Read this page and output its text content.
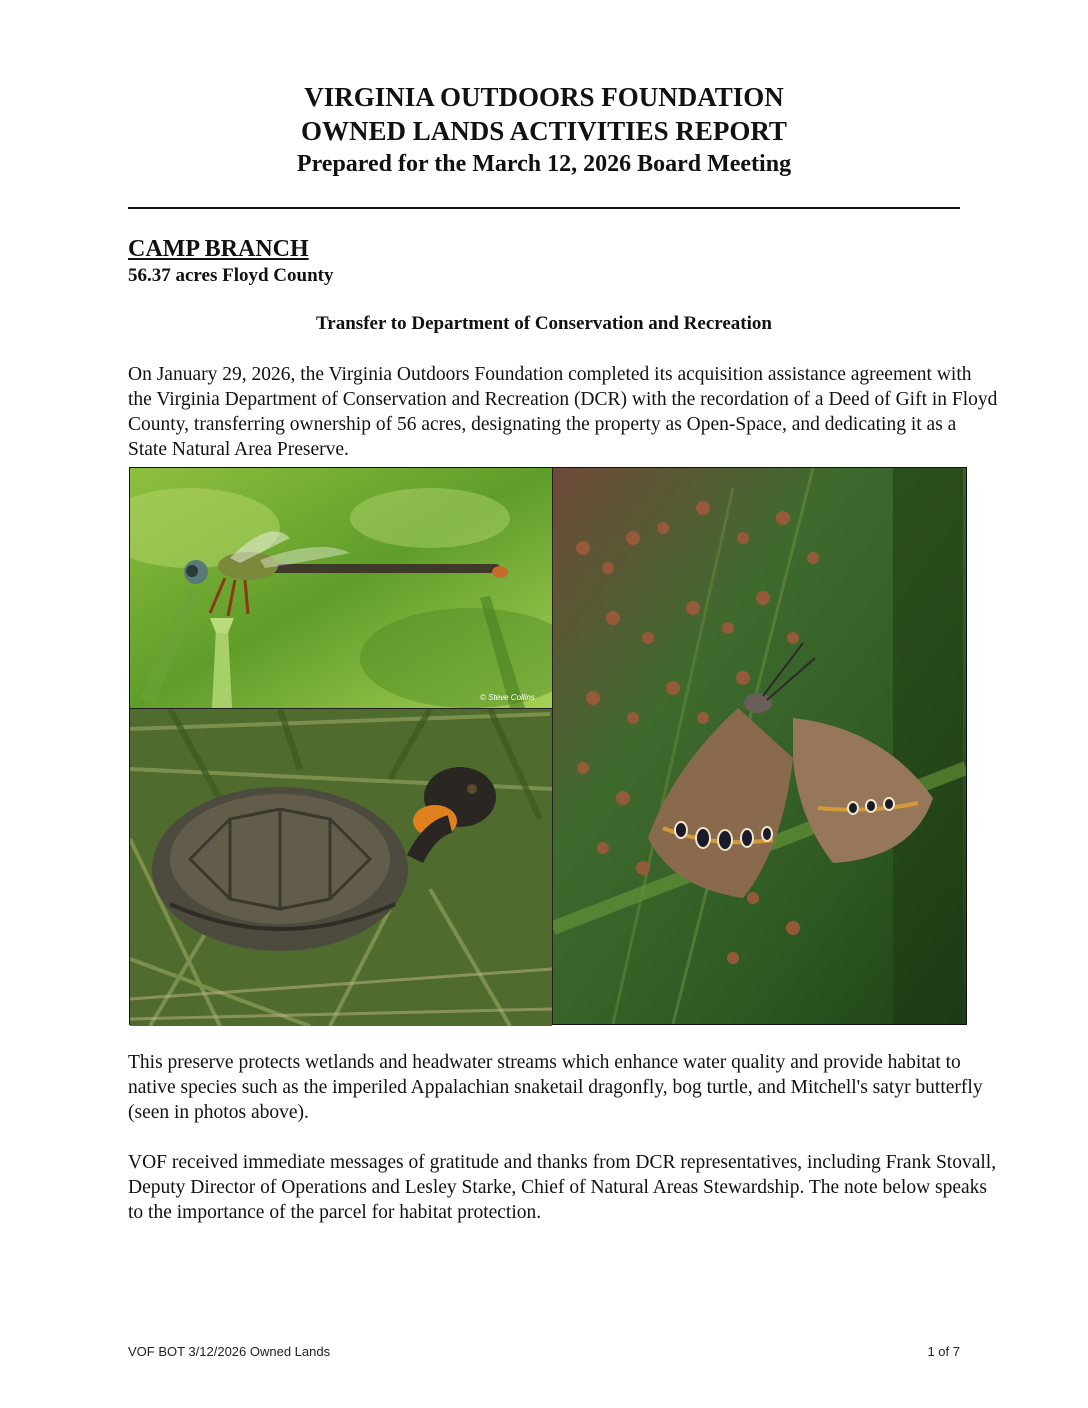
VIRGINIA OUTDOORS FOUNDATION
OWNED LANDS ACTIVITIES REPORT
Prepared for the March 12, 2026 Board Meeting
CAMP BRANCH
56.37 acres Floyd County
Transfer to Department of Conservation and Recreation
On January 29, 2026, the Virginia Outdoors Foundation completed its acquisition assistance agreement with the Virginia Department of Conservation and Recreation (DCR) with the recordation of a Deed of Gift in Floyd County, transferring ownership of 56 acres, designating the property as Open-Space, and dedicating it as a State Natural Area Preserve.
© Steve Collins
This preserve protects wetlands and headwater streams which enhance water quality and provide habitat to native species such as the imperiled Appalachian snaketail dragonfly, bog turtle, and Mitchell's satyr butterfly (seen in photos above).
VOF received immediate messages of gratitude and thanks from DCR representatives, including Frank Stovall, Deputy Director of Operations and Lesley Starke, Chief of Natural Areas Stewardship. The note below speaks to the importance of the parcel for habitat protection.
VOF BOT 3/12/2026 Owned Lands	1 of 7
